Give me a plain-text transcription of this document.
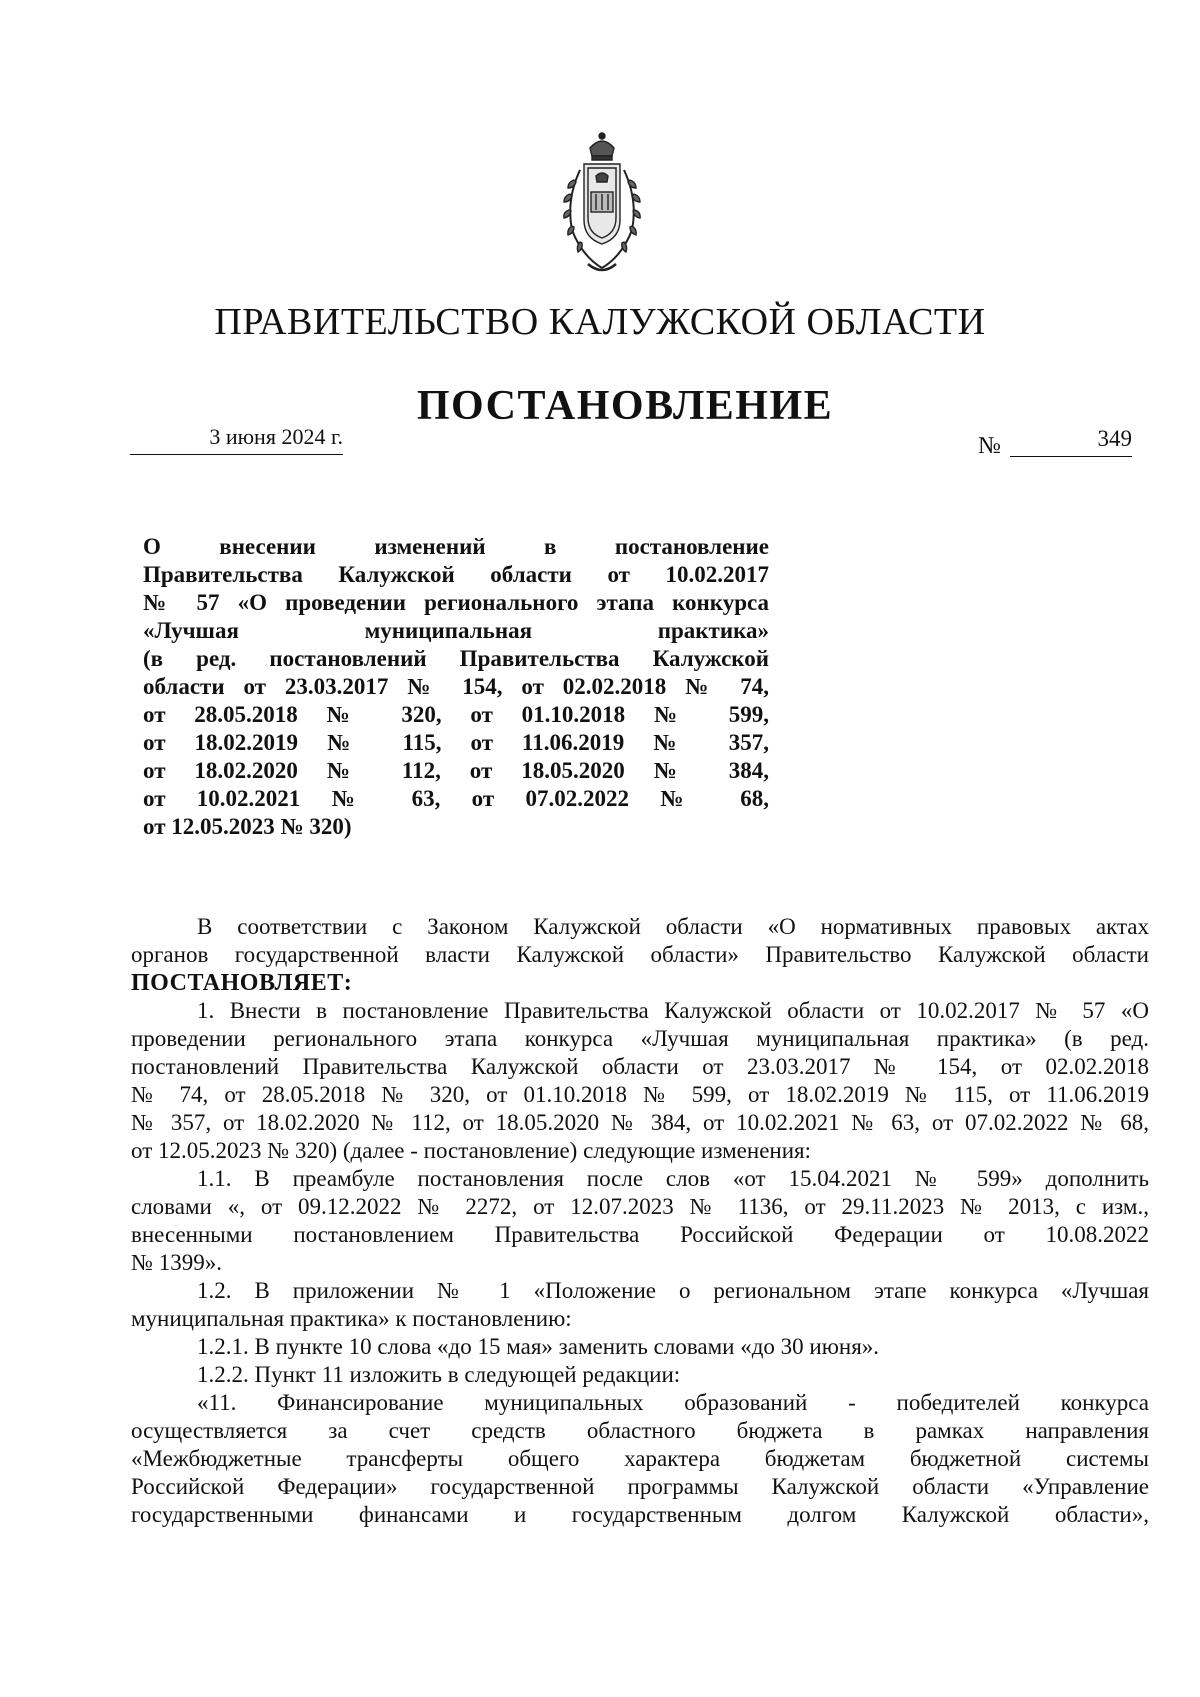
ПРАВИТЕЛЬСТВО КАЛУЖСКОЙ ОБЛАСТИ
ПОСТАНОВЛЕНИЕ
3 июня 2024 г.	№	349
О внесении изменений в постановление
Правительства Калужской области от 10.02.2017
№ 57 «О проведении регионального этапа конкурса
«Лучшая муниципальная практика»
(в ред. постановлений Правительства Калужской
области от 23.03.2017 № 154, от 02.02.2018 № 74,
от 28.05.2018 № 320, от 01.10.2018 № 599,
от 18.02.2019 № 115, от 11.06.2019 № 357,
от 18.02.2020 № 112, от 18.05.2020 № 384,
от 10.02.2021 № 63, от 07.02.2022 № 68,
от 12.05.2023 № 320)
В соответствии с Законом Калужской области «О нормативных правовых актах
органов государственной власти Калужской области» Правительство Калужской области
ПОСТАНОВЛЯЕТ:
1. Внести в постановление Правительства Калужской области от 10.02.2017 № 57 «О
проведении регионального этапа конкурса «Лучшая муниципальная практика» (в ред.
постановлений Правительства Калужской области от 23.03.2017 № 154, от 02.02.2018
№ 74, от 28.05.2018 № 320, от 01.10.2018 № 599, от 18.02.2019 № 115, от 11.06.2019
№ 357, от 18.02.2020 № 112, от 18.05.2020 № 384, от 10.02.2021 № 63, от 07.02.2022 № 68,
от 12.05.2023 № 320) (далее - постановление) следующие изменения:
1.1. В преамбуле постановления после слов «от 15.04.2021 № 599» дополнить
словами «, от 09.12.2022 № 2272, от 12.07.2023 № 1136, от 29.11.2023 № 2013, с изм.,
внесенными постановлением Правительства Российской Федерации от 10.08.2022
№ 1399».
1.2. В приложении № 1 «Положение о региональном этапе конкурса «Лучшая
муниципальная практика» к постановлению:
1.2.1. В пункте 10 слова «до 15 мая» заменить словами «до 30 июня».
1.2.2. Пункт 11 изложить в следующей редакции:
«11. Финансирование муниципальных образований - победителей конкурса
осуществляется за счет средств областного бюджета в рамках направления
«Межбюджетные трансферты общего характера бюджетам бюджетной системы
Российской Федерации» государственной программы Калужской области «Управление
государственными финансами и государственным долгом Калужской области»,
